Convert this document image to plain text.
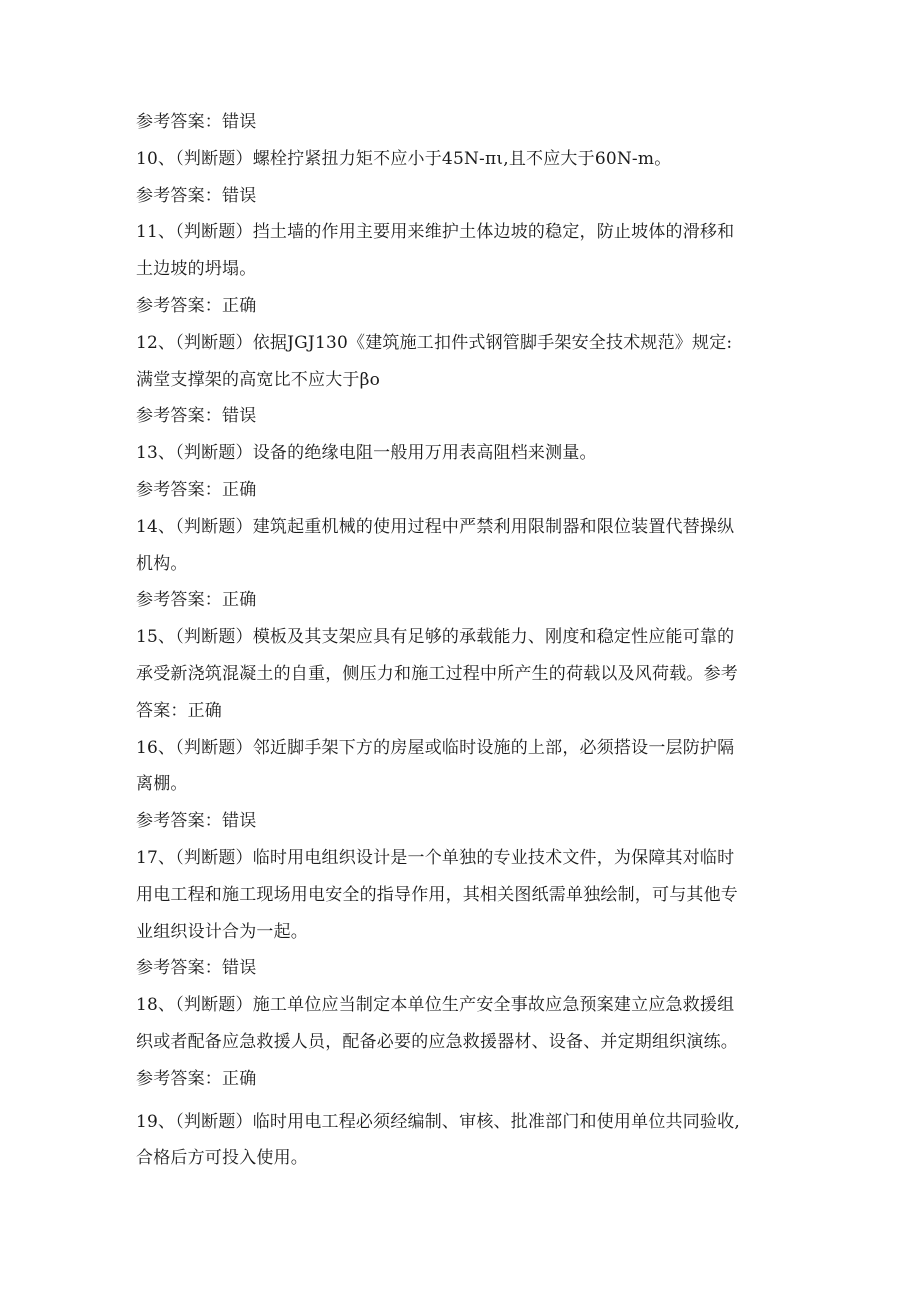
参考答案：错误
10、（判断题）螺栓拧紧扭力矩不应小于45N-πι,且不应大于60N-m。
参考答案：错误
11、（判断题）挡土墙的作用主要用来维护土体边坡的稳定，防止坡体的滑移和
土边坡的坍塌。
参考答案：正确
12、（判断题）依据JGJ130《建筑施工扣件式钢管脚手架安全技术规范》规定:
满堂支撑架的高宽比不应大于βo
参考答案：错误
13、（判断题）设备的绝缘电阻一般用万用表高阻档来测量。
参考答案：正确
14、（判断题）建筑起重机械的使用过程中严禁利用限制器和限位装置代替操纵
机构。
参考答案：正确
15、（判断题）模板及其支架应具有足够的承载能力、刚度和稳定性应能可靠的
承受新浇筑混凝土的自重，侧压力和施工过程中所产生的荷载以及风荷载。参考
答案：正确
16、（判断题）邻近脚手架下方的房屋或临时设施的上部，必须搭设一层防护隔
离棚。
参考答案：错误
17、（判断题）临时用电组织设计是一个单独的专业技术文件，为保障其对临时
用电工程和施工现场用电安全的指导作用，其相关图纸需单独绘制，可与其他专
业组织设计合为一起。
参考答案：错误
18、（判断题）施工单位应当制定本单位生产安全事故应急预案建立应急救援组
织或者配备应急救援人员，配备必要的应急救援器材、设备、并定期组织演练。
参考答案：正确
19、（判断题）临时用电工程必须经编制、审核、批准部门和使用单位共同验收,
合格后方可投入使用。
